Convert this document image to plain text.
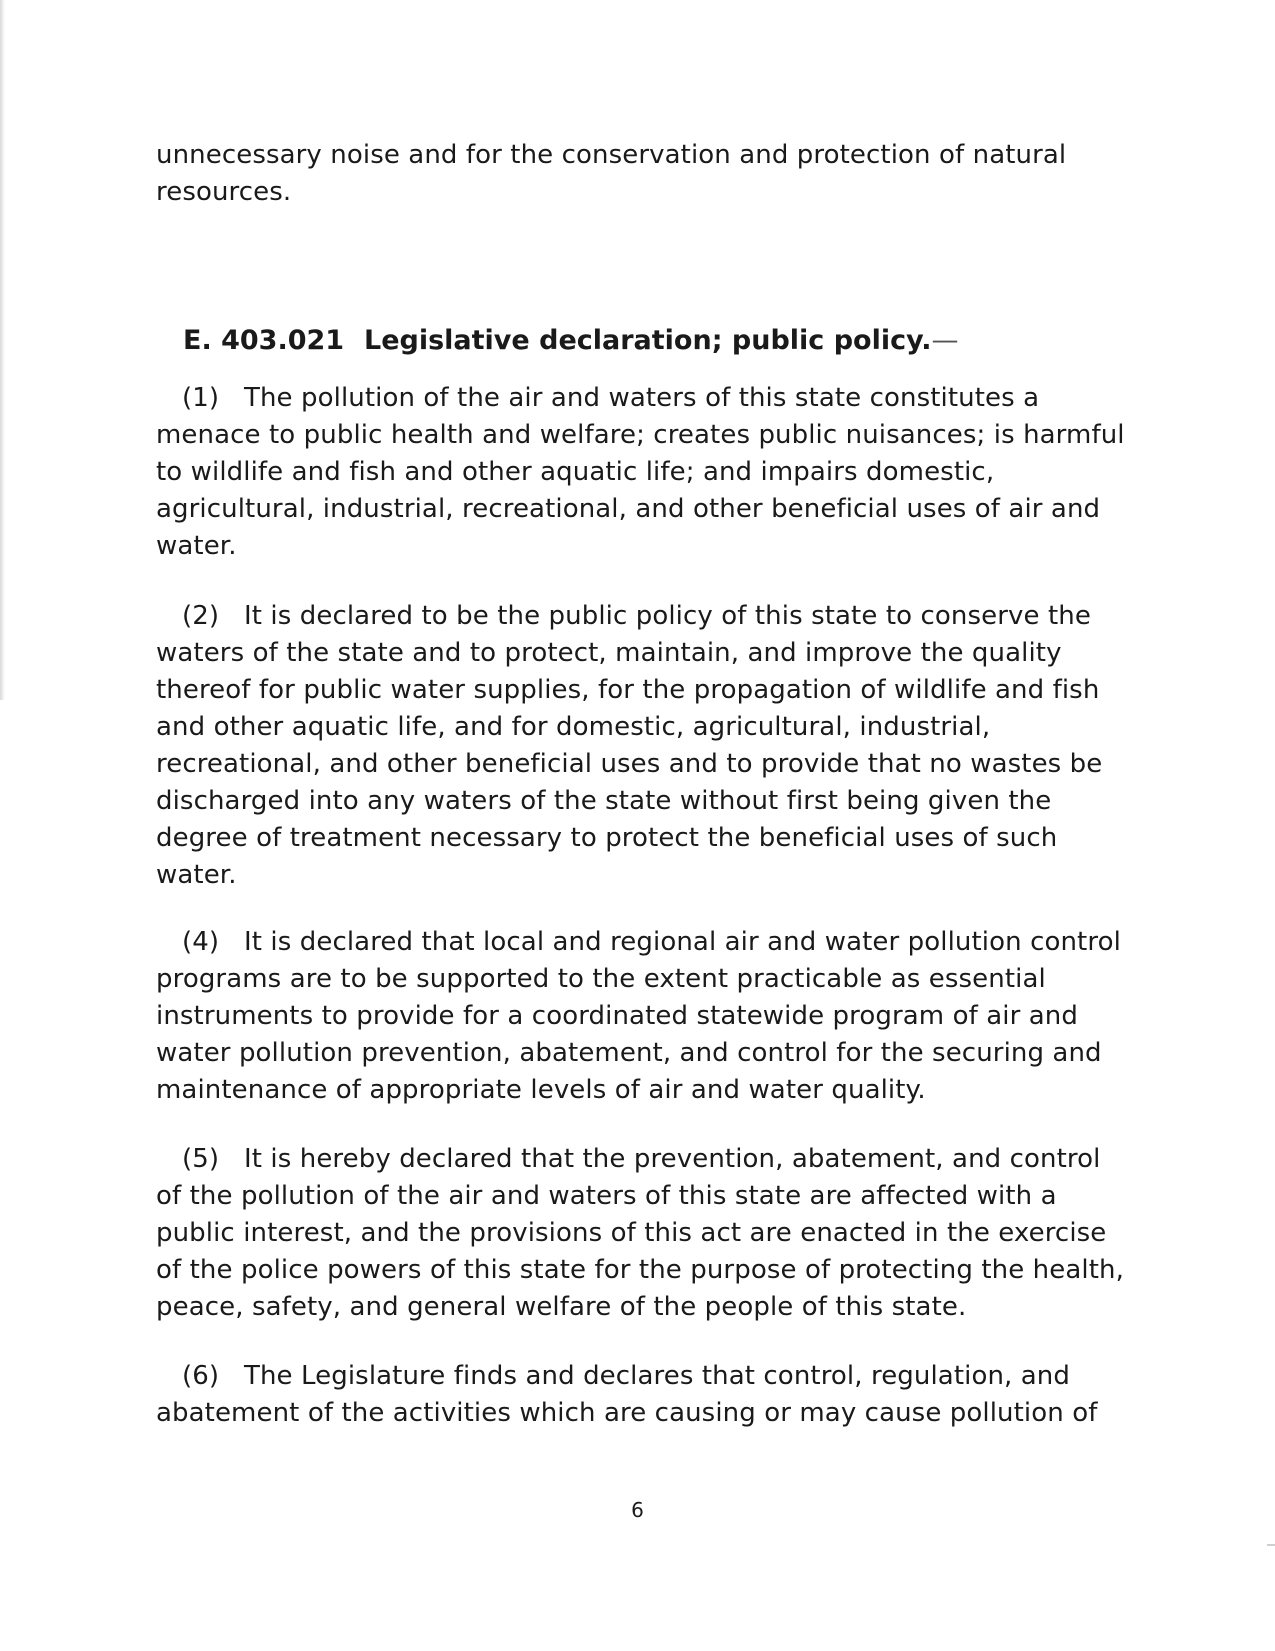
unnecessary noise and for the conservation and protection of natural resources.

E. 403.021 Legislative declaration; public policy.—

(1) The pollution of the air and waters of this state constitutes a menace to public health and welfare; creates public nuisances; is harmful to wildlife and fish and other aquatic life; and impairs domestic, agricultural, industrial, recreational, and other beneficial uses of air and water.

(2) It is declared to be the public policy of this state to conserve the waters of the state and to protect, maintain, and improve the quality thereof for public water supplies, for the propagation of wildlife and fish and other aquatic life, and for domestic, agricultural, industrial, recreational, and other beneficial uses and to provide that no wastes be discharged into any waters of the state without first being given the degree of treatment necessary to protect the beneficial uses of such water.

(4) It is declared that local and regional air and water pollution control programs are to be supported to the extent practicable as essential instruments to provide for a coordinated statewide program of air and water pollution prevention, abatement, and control for the securing and maintenance of appropriate levels of air and water quality.

(5) It is hereby declared that the prevention, abatement, and control of the pollution of the air and waters of this state are affected with a public interest, and the provisions of this act are enacted in the exercise of the police powers of this state for the purpose of protecting the health, peace, safety, and general welfare of the people of this state.

(6) The Legislature finds and declares that control, regulation, and abatement of the activities which are causing or may cause pollution of

6
